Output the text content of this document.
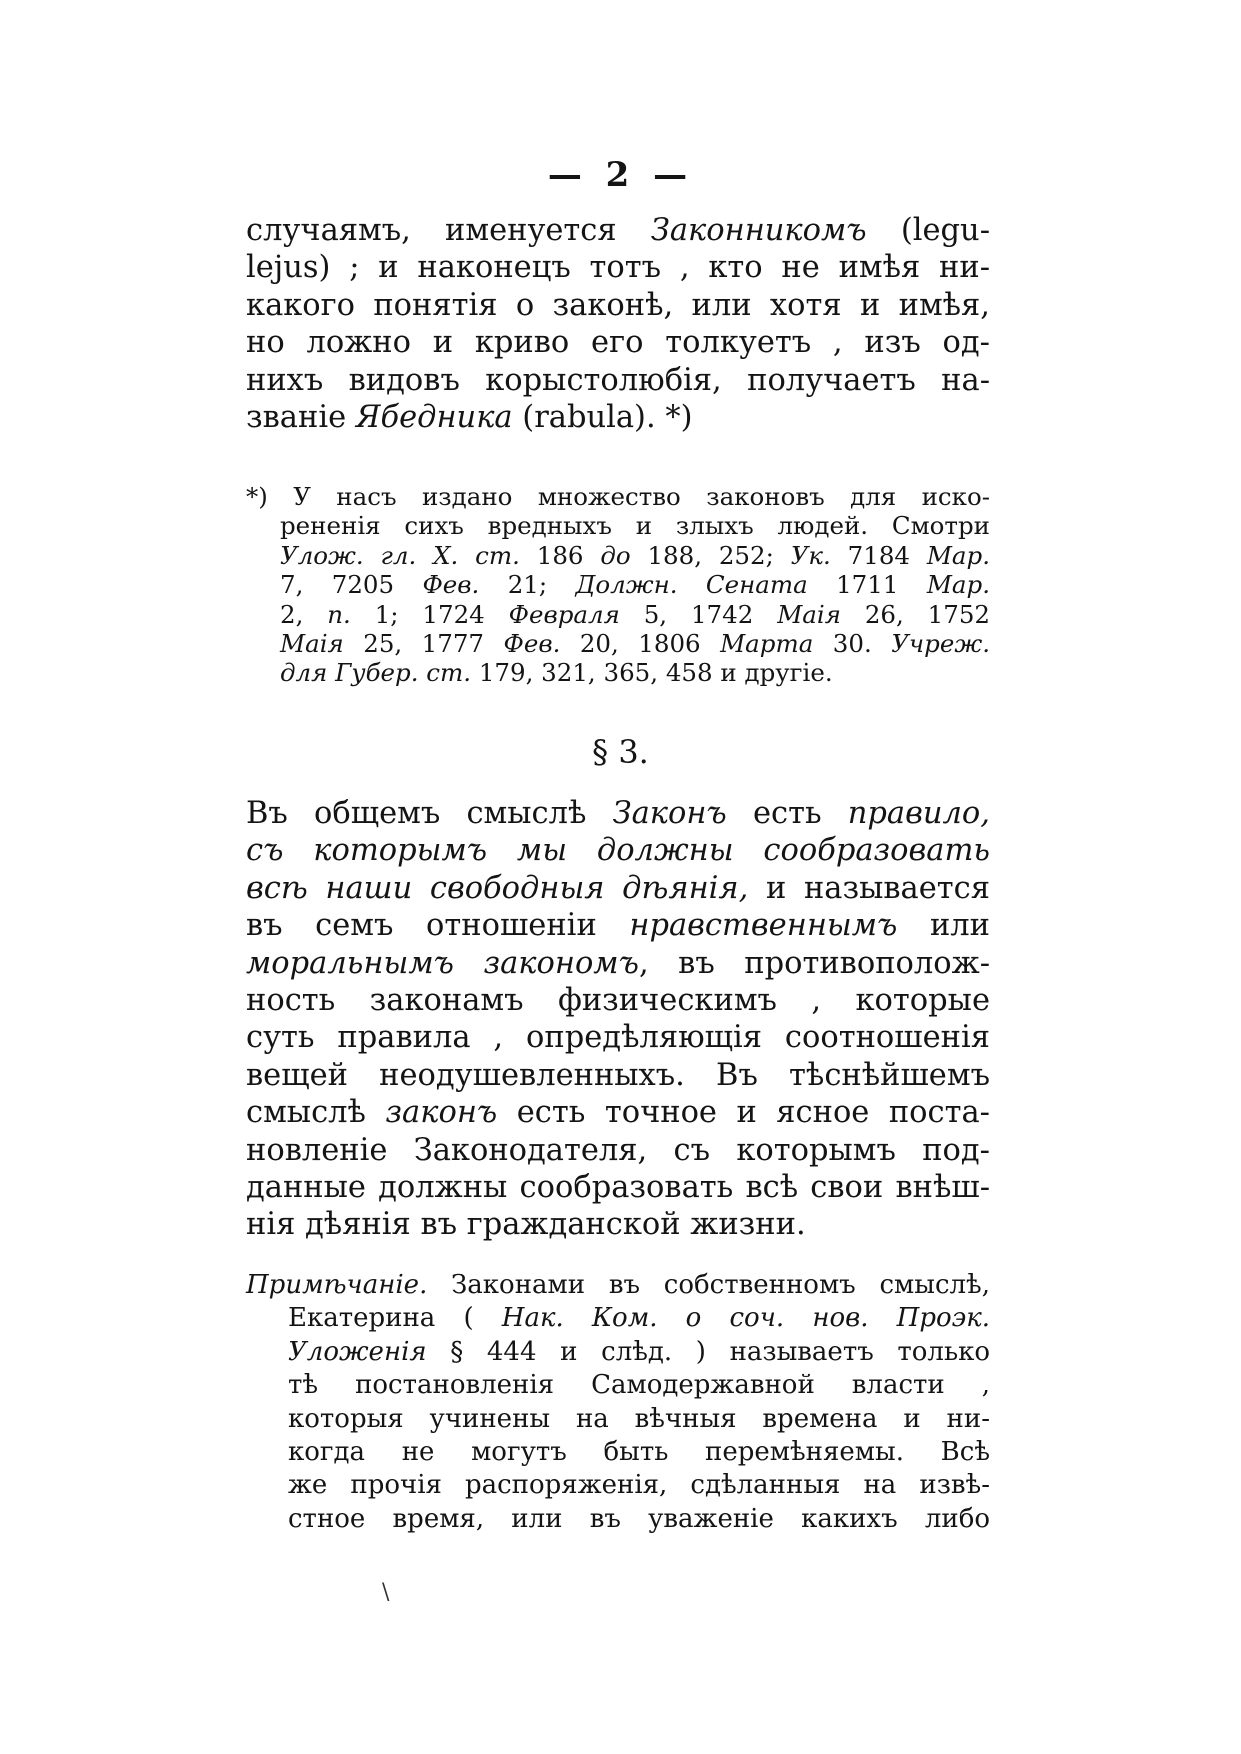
— 2 —
случаямъ, именуется Законникомъ (legu-
lejus) ; и наконецъ тотъ , кто не имѣя ни-
какого понятія о законѣ, или хотя и имѣя,
но ложно и криво его толкуетъ , изъ од-
нихъ видовъ корыстолюбія, получаетъ на-
званіе Ябедника (rabula). *)
*) У насъ издано множество законовъ для иско-
рененія сихъ вредныхъ и злыхъ людей. Смотри
Улож. гл. X. ст. 186 до 188, 252; Ук. 7184 Мар.
7, 7205 Фев. 21; Должн. Сената 1711 Мар.
2, п. 1; 1724 Февраля 5, 1742 Маія 26, 1752
Маія 25, 1777 Фев. 20, 1806 Марта 30. Учреж.
для Губер. ст. 179, 321, 365, 458 и другіе.
§ 3.
Въ общемъ смыслѣ Законъ есть правило,
съ которымъ мы должны сообразовать
всѣ наши свободныя дѣянія, и называется
въ семъ отношеніи нравственнымъ или
моральнымъ закономъ, въ противополож-
ность законамъ физическимъ , которые
суть правила , опредѣляющія соотношенія
вещей неодушевленныхъ. Въ тѣснѣйшемъ
смыслѣ законъ есть точное и ясное поста-
новленіе Законодателя, съ которымъ под-
данные должны сообразовать всѣ свои внѣш-
нія дѣянія въ гражданской жизни.
Примѣчаніе. Законами въ собственномъ смыслѣ,
Екатерина ( Нак. Ком. о соч. нов. Проэк.
Уложенія § 444 и слѣд. ) называетъ только
тѣ постановленія Самодержавной власти ,
которыя учинены на вѣчныя времена и ни-
когда не могутъ быть перемѣняемы. Всѣ
же прочія распоряженія, сдѣланныя на извѣ-
стное время, или въ уваженіе какихъ либо
\
